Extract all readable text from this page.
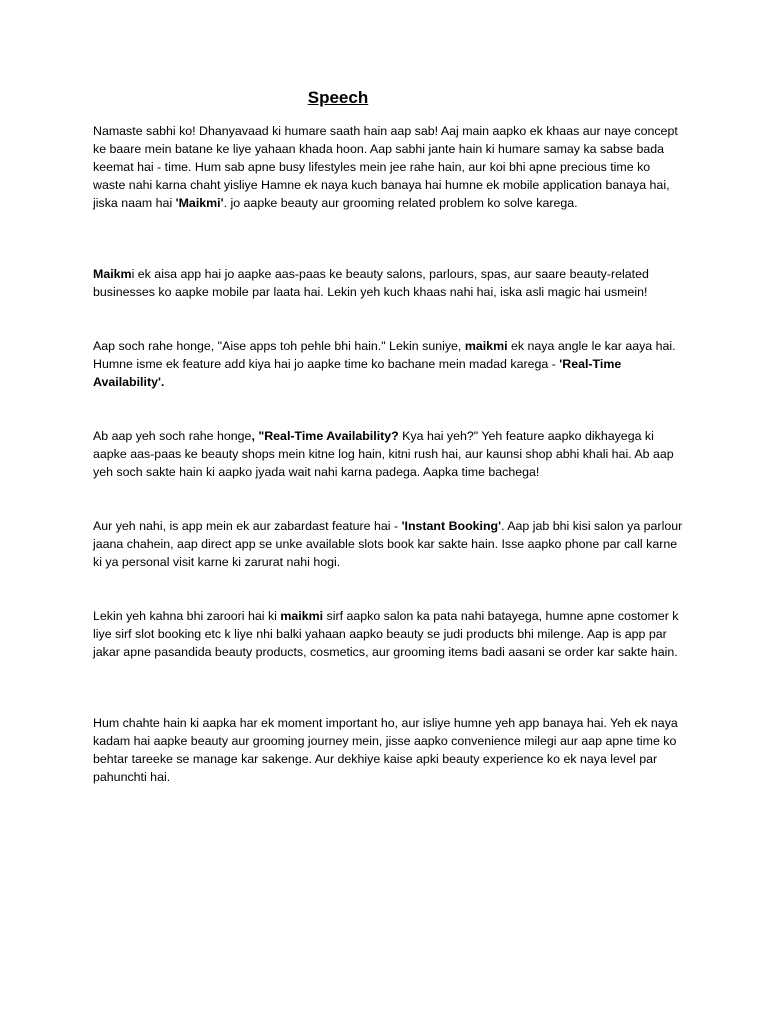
Speech

Namaste sabhi ko! Dhanyavaad ki humare saath hain aap sab! Aaj main aapko ek khaas aur naye concept ke baare mein batane ke liye yahaan khada hoon. Aap sabhi jante hain ki humare samay ka sabse bada keemat hai - time. Hum sab apne busy lifestyles mein jee rahe hain, aur koi bhi apne precious time ko waste nahi karna chaht yisliye Hamne ek naya kuch banaya hai humne ek mobile application banaya hai, jiska naam hai 'Maikmi'. jo aapke beauty aur grooming related problem ko solve karega.

Maikmi ek aisa app hai jo aapke aas-paas ke beauty salons, parlours, spas, aur saare beauty-related businesses ko aapke mobile par laata hai. Lekin yeh kuch khaas nahi hai, iska asli magic hai usmein!

Aap soch rahe honge, "Aise apps toh pehle bhi hain." Lekin suniye, maikmi ek naya angle le kar aaya hai. Humne isme ek feature add kiya hai jo aapke time ko bachane mein madad karega - 'Real-Time Availability'.

Ab aap yeh soch rahe honge, "Real-Time Availability? Kya hai yeh?" Yeh feature aapko dikhayega ki aapke aas-paas ke beauty shops mein kitne log hain, kitni rush hai, aur kaunsi shop abhi khali hai. Ab aap yeh soch sakte hain ki aapko jyada wait nahi karna padega. Aapka time bachega!

Aur yeh nahi, is app mein ek aur zabardast feature hai - 'Instant Booking'. Aap jab bhi kisi salon ya parlour jaana chahein, aap direct app se unke available slots book kar sakte hain. Isse aapko phone par call karne ki ya personal visit karne ki zarurat nahi hogi.

Lekin yeh kahna bhi zaroori hai ki maikmi sirf aapko salon ka pata nahi batayega, humne apne costomer k liye sirf slot booking etc k liye nhi balki yahaan aapko beauty se judi products bhi milenge. Aap is app par jakar apne pasandida beauty products, cosmetics, aur grooming items badi aasani se order kar sakte hain.

Hum chahte hain ki aapka har ek moment important ho, aur isliye humne yeh app banaya hai. Yeh ek naya kadam hai aapke beauty aur grooming journey mein, jisse aapko convenience milegi aur aap apne time ko behtar tareeke se manage kar sakenge. Aur dekhiye kaise apki beauty experience ko ek naya level par pahunchti hai.
